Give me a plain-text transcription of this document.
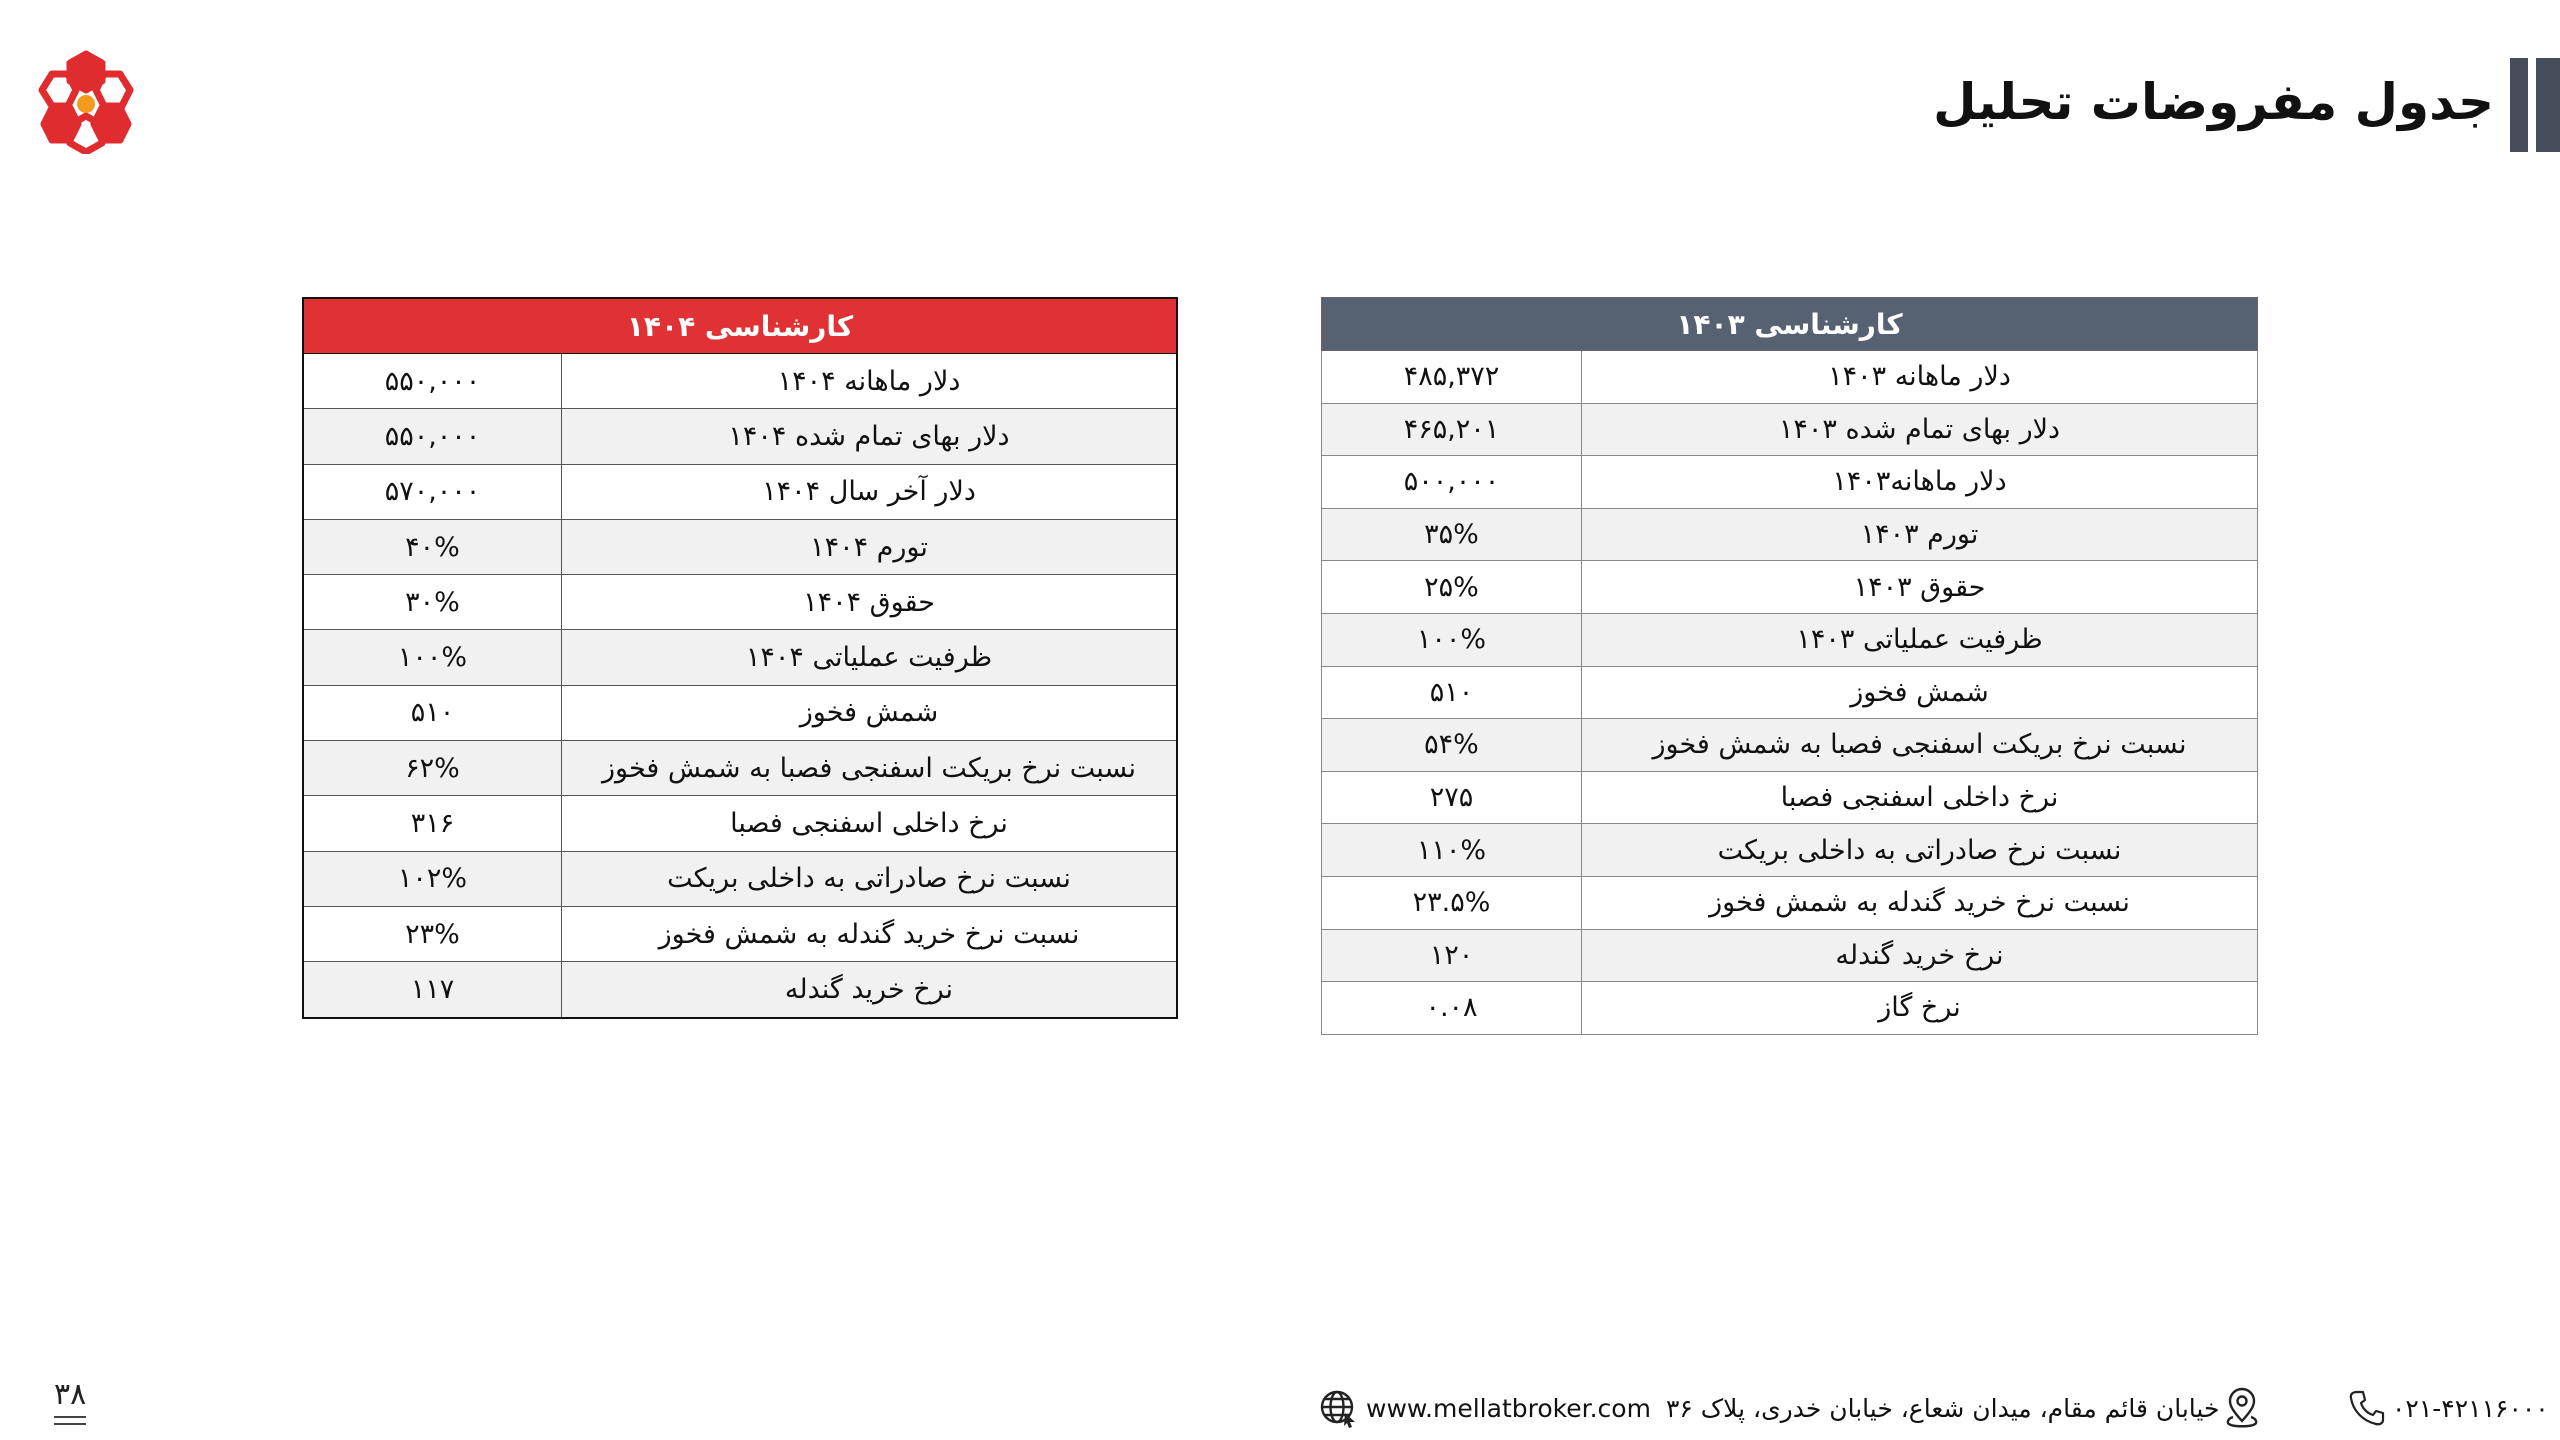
جدول مفروضات تحلیل
کارشناسی ۱۴۰۴	
دلار ماهانه ۱۴۰۴	۵۵۰,۰۰۰
دلار بهای تمام شده ۱۴۰۴	۵۵۰,۰۰۰
دلار آخر سال ۱۴۰۴	۵۷۰,۰۰۰
تورم ۱۴۰۴	۴۰%
حقوق ۱۴۰۴	۳۰%
ظرفیت عملیاتی ۱۴۰۴	۱۰۰%
شمش فخوز	۵۱۰
نسبت نرخ بریکت اسفنجی فصبا به شمش فخوز	۶۲%
نرخ داخلی اسفنجی فصبا	۳۱۶
نسبت نرخ صادراتی به داخلی بریکت	۱۰۲%
نسبت نرخ خرید گندله به شمش فخوز	۲۳%
نرخ خرید گندله	۱۱۷
کارشناسی ۱۴۰۳	
دلار ماهانه ۱۴۰۳	۴۸۵,۳۷۲
دلار بهای تمام شده ۱۴۰۳	۴۶۵,۲۰۱
دلار ماهانه۱۴۰۳	۵۰۰,۰۰۰
تورم ۱۴۰۳	۳۵%
حقوق ۱۴۰۳	۲۵%
ظرفیت عملیاتی ۱۴۰۳	۱۰۰%
شمش فخوز	۵۱۰
نسبت نرخ بریکت اسفنجی فصبا به شمش فخوز	۵۴%
نرخ داخلی اسفنجی فصبا	۲۷۵
نسبت نرخ صادراتی به داخلی بریکت	۱۱۰%
نسبت نرخ خرید گندله به شمش فخوز	۲۳.۵%
نرخ خرید گندله	۱۲۰
نرخ گاز	۰.۰۸
۳۸	www.mellatbroker.com خیابان قائم مقام، میدان شعاع، خیابان خدری، پلاک ۳۶	۰۲۱-۴۲۱۱۶۰۰۰
